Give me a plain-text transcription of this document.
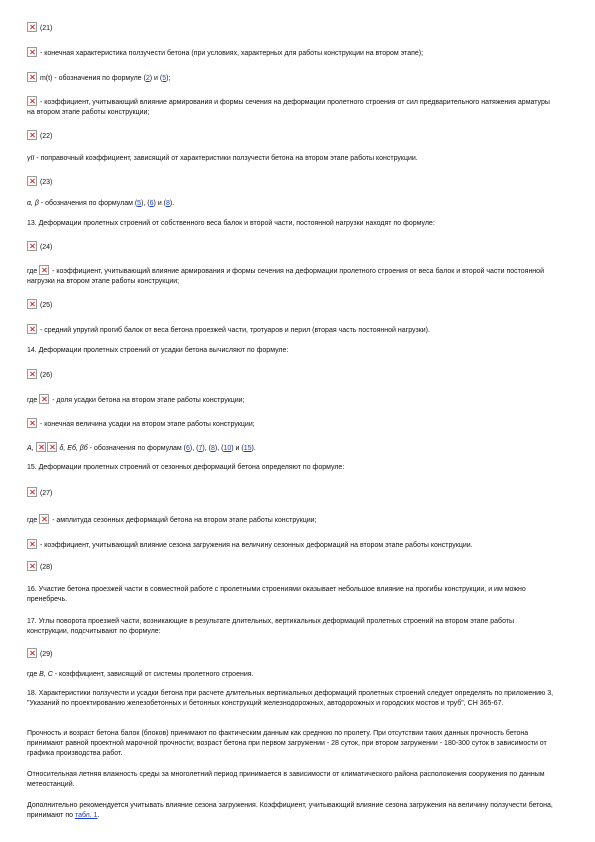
(21)
- конечная характеристика ползучести бетона (при условиях, характерных для работы конструкции на втором этапе);
m(t) - обозначения по формуле (2) и (5);
- коэффициент, учитывающий влияние армирования и формы сечения на деформации пролетного строения от сил предварительного натяжения арматуры на втором этапе работы конструкции;
(22)
γII - поправочный коэффициент, зависящий от характеристики ползучести бетона на втором этапе работы конструкции.
(23)
α, β - обозначения по формулам (5), (6) и (8).
13. Деформации пролетных строений от собственного веса балок и второй части, постоянной нагрузки находят по формуле:
(24)
где  - коэффициент, учитывающий влияние армирования и формы сечения на деформации пролетного строения от веса балок и второй части постоянной нагрузки на втором этапе работы конструкции;
(25)
- средний упругий прогиб балок от веса бетона проезжей части, тротуаров и перил (вторая часть постоянной нагрузки).
14. Деформации пролетных строений от усадки бетона вычисляют по формуле:
(26)
где  - доля усадки бетона на втором этапе работы конструкции;
- конечная величина усадки на втором этапе работы конструкции;
A,	δ, Eб, βб - обозначения по формулам (6), (7), (8), (10) и (15).
15. Деформации пролетных строений от сезонных деформаций бетона определяют по формуле:
(27)
где  - амплитуда сезонных деформаций бетона на втором этапе работы конструкции;
- коэффициент, учитывающий влияние сезона загружения на величину сезонных деформаций на втором этапе работы конструкции.
(28)
16. Участие бетона проезжей части в совместной работе с пролетными строениями оказывает небольшое влияние на прогибы конструкции, и им можно пренебречь.
17. Углы поворота проезжей части, возникающие в результате длительных, вертикальных деформаций пролетных строений на втором этапе работы конструкции, подсчитывают по формуле:
(29)
где B, C - коэффициент, зависящий от системы пролетного строения.
18. Характеристики ползучести и усадки бетона при расчете длительных вертикальных деформаций пролетных строений следует определять по приложению 3, "Указаний по проектированию железобетонных и бетонных конструкций железнодорожных, автодорожных и городских мостов и труб", СН 365-67.
Прочность и возраст бетона балок (блоков) принимают по фактическим данным как среднюю по пролету. При отсутствии таких данных прочность бетона принимают равной проектной марочной прочности; возраст бетона при первом загружении - 28 суток, при втором загружении - 180-300 суток в зависимости от графика производства работ.
Относительная летняя влажность среды за многолетний период принимается в зависимости от климатического района расположения сооружения по данным метеостанций.
Дополнительно рекомендуется учитывать влияние сезона загружения. Коэффициент, учитывающий влияние сезона загружения на величину ползучести бетона, принимают по табл. 1.
